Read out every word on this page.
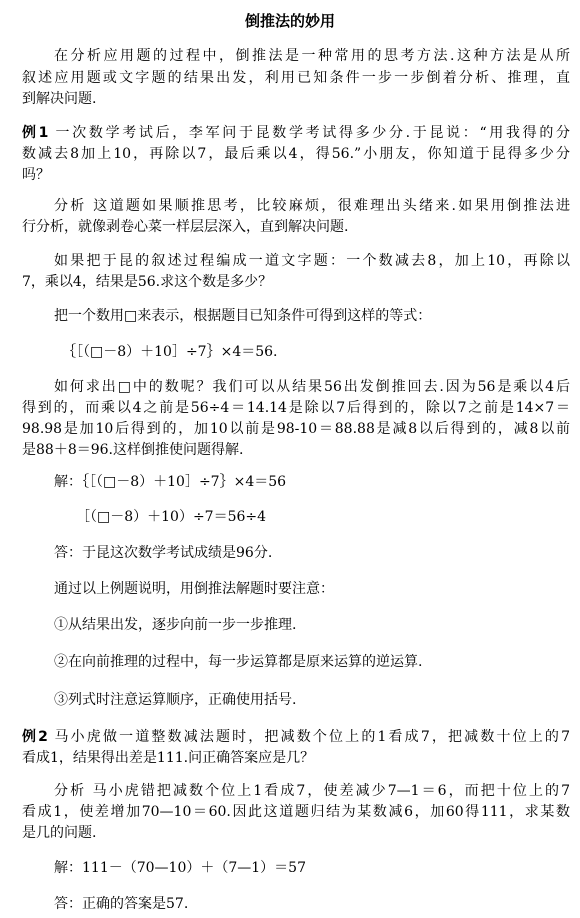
倒推法的妙用
在分析应用题的过程中，倒推法是一种常用的思考方法.这种方法是从所
叙述应用题或文字题的结果出发，利用已知条件一步一步倒着分析、推理，直
到解决问题.
例1 一次数学考试后，李军问于昆数学考试得多少分.于昆说：“用我得的分
数减去8加上10，再除以7，最后乘以4，得56.”小朋友，你知道于昆得多少分
吗？
分析 这道题如果顺推思考，比较麻烦，很难理出头绪来.如果用倒推法进
行分析，就像剥卷心菜一样层层深入，直到解决问题.
如果把于昆的叙述过程编成一道文字题：一个数减去8，加上10，再除以
7，乘以4，结果是56.求这个数是多少？
把一个数用□来表示，根据题目已知条件可得到这样的等式：
｛［（□－8）＋10］÷7｝×4＝56.
如何求出□中的数呢？我们可以从结果56出发倒推回去.因为56是乘以4后
得到的，而乘以4之前是56÷4＝14.14是除以7后得到的，除以7之前是14×7＝
98.98是加10后得到的，加10以前是98-10＝88.88是减8以后得到的，减8以前
是88＋8＝96.这样倒推使问题得解.
解：｛［（□－8）＋10］÷7｝×4＝56
［（□－8）＋10）÷7＝56÷4
答：于昆这次数学考试成绩是96分.
通过以上例题说明，用倒推法解题时要注意：
①从结果出发，逐步向前一步一步推理.
②在向前推理的过程中，每一步运算都是原来运算的逆运算.
③列式时注意运算顺序，正确使用括号.
例2 马小虎做一道整数减法题时，把减数个位上的1看成7，把减数十位上的7
看成1，结果得出差是111.问正确答案应是几？
分析 马小虎错把减数个位上1看成7，使差减少7—1＝6，而把十位上的7
看成1，使差增加70—10＝60.因此这道题归结为某数减6，加60得111，求某数
是几的问题.
解：111－（70—10）＋（7—1）＝57
答：正确的答案是57.
